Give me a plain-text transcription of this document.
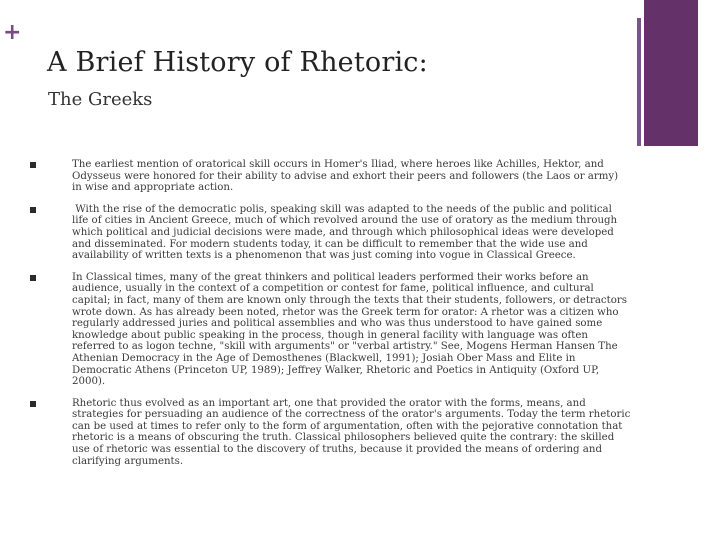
+
A Brief History of Rhetoric:
The Greeks
The earliest mention of oratorical skill occurs in Homer's Iliad, where heroes like Achilles, Hektor, and
Odysseus were honored for their ability to advise and exhort their peers and followers (the Laos or army)
in wise and appropriate action.
With the rise of the democratic polis, speaking skill was adapted to the needs of the public and political
life of cities in Ancient Greece, much of which revolved around the use of oratory as the medium through
which political and judicial decisions were made, and through which philosophical ideas were developed
and disseminated. For modern students today, it can be difficult to remember that the wide use and
availability of written texts is a phenomenon that was just coming into vogue in Classical Greece.
In Classical times, many of the great thinkers and political leaders performed their works before an
audience, usually in the context of a competition or contest for fame, political influence, and cultural
capital; in fact, many of them are known only through the texts that their students, followers, or detractors
wrote down. As has already been noted, rhetor was the Greek term for orator: A rhetor was a citizen who
regularly addressed juries and political assemblies and who was thus understood to have gained some
knowledge about public speaking in the process, though in general facility with language was often
referred to as logon techne, "skill with arguments" or "verbal artistry." See, Mogens Herman Hansen The
Athenian Democracy in the Age of Demosthenes (Blackwell, 1991); Josiah Ober Mass and Elite in
Democratic Athens (Princeton UP, 1989); Jeffrey Walker, Rhetoric and Poetics in Antiquity (Oxford UP,
2000).
Rhetoric thus evolved as an important art, one that provided the orator with the forms, means, and
strategies for persuading an audience of the correctness of the orator's arguments. Today the term rhetoric
can be used at times to refer only to the form of argumentation, often with the pejorative connotation that
rhetoric is a means of obscuring the truth. Classical philosophers believed quite the contrary: the skilled
use of rhetoric was essential to the discovery of truths, because it provided the means of ordering and
clarifying arguments.
